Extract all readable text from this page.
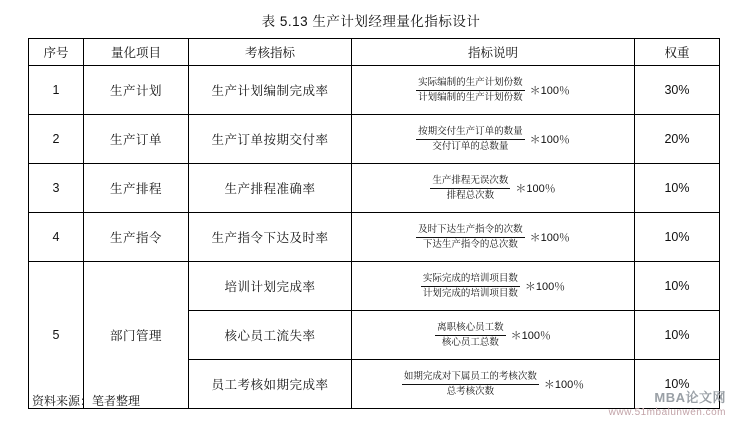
表 5.13 生产计划经理量化指标设计
序号	量化项目	考核指标	指标说明	权重
1	生产计划	生产计划编制完成率	$\frac{\text{实际编制的生产计划份数}}{\text{计划编制的生产计划份数}}$ ＊100％	30%
2	生产订单	生产订单按期交付率	$\frac{\text{按期交付生产订单的数量}}{\text{交付订单的总数量}}$ ＊100％	20%
3	生产排程	生产排程准确率	$\frac{\text{生产排程无误次数}}{\text{排程总次数}}$ ＊100％	10%
4	生产指令	生产指令下达及时率	$\frac{\text{及时下达生产指令的次数}}{\text{下达生产指令的总次数}}$ ＊100％	10%
5	部门管理	培训计划完成率	$\frac{\text{实际完成的培训项目数}}{\text{计划完成的培训项目数}}$ ＊100％	10%
		核心员工流失率	$\frac{\text{离职核心员工数}}{\text{核心员工总数}}$ ＊100％	10%
		员工考核如期完成率	$\frac{\text{如期完成对下属员工的考核次数}}{\text{总考核次数}}$ ＊100％	10%
资料来源：笔者整理	MBA论文网
www.51mbalunwen.com
